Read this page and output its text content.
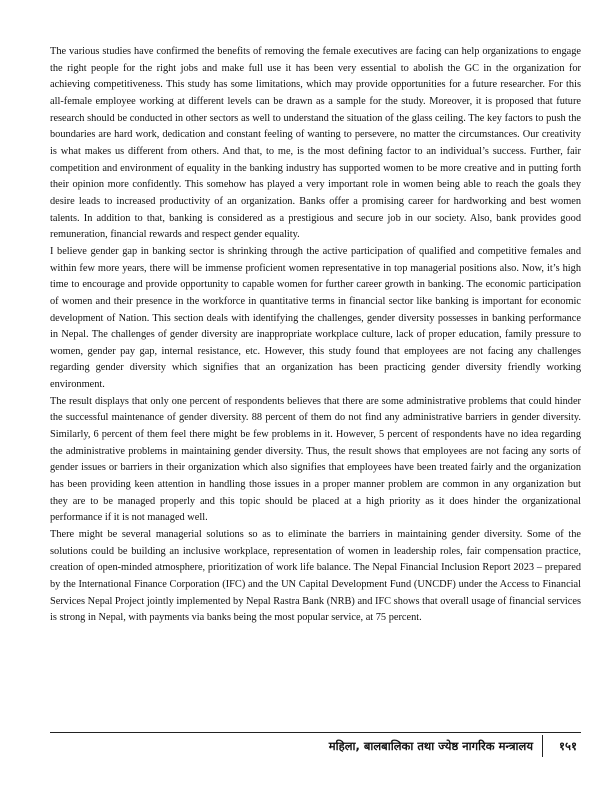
The various studies have confirmed the benefits of removing the female executives are facing can help organizations to engage the right people for the right jobs and make full use it has been very essential to abolish the GC in the organization for achieving competitiveness. This study has some limitations, which may provide opportunities for a future researcher. For this all-female employee working at different levels can be drawn as a sample for the study. Moreover, it is proposed that future research should be conducted in other sectors as well to understand the situation of the glass ceiling. The key factors to push the boundaries are hard work, dedication and constant feeling of wanting to persevere, no matter the circumstances. Our creativity is what makes us different from others. And that, to me, is the most defining factor to an individual’s success. Further, fair competition and environment of equality in the banking industry has supported women to be more creative and in putting forth their opinion more confidently. This somehow has played a very important role in women being able to reach the goals they desire leads to increased productivity of an organization. Banks offer a promising career for hardworking and best women talents. In addition to that, banking is considered as a prestigious and secure job in our society. Also, bank provides good remuneration, financial rewards and respect gender equality.

I believe gender gap in banking sector is shrinking through the active participation of qualified and competitive females and within few more years, there will be immense proficient women representative in top managerial positions also. Now, it’s high time to encourage and provide opportunity to capable women for further career growth in banking. The economic participation of women and their presence in the workforce in quantitative terms in financial sector like banking is important for economic development of Nation. This section deals with identifying the challenges, gender diversity possesses in banking performance in Nepal. The challenges of gender diversity are inappropriate workplace culture, lack of proper education, family pressure to women, gender pay gap, internal resistance, etc. However, this study found that employees are not facing any challenges regarding gender diversity which signifies that an organization has been practicing gender diversity friendly working environment.

The result displays that only one percent of respondents believes that there are some administrative problems that could hinder the successful maintenance of gender diversity. 88 percent of them do not find any administrative barriers in gender diversity. Similarly, 6 percent of them feel there might be few problems in it. However, 5 percent of respondents have no idea regarding the administrative problems in maintaining gender diversity. Thus, the result shows that employees are not facing any sorts of gender issues or barriers in their organization which also signifies that employees have been treated fairly and the organization has been providing keen attention in handling those issues in a proper manner problem are common in any organization but they are to be managed properly and this topic should be placed at a high priority as it does hinder the organizational performance if it is not managed well.

There might be several managerial solutions so as to eliminate the barriers in maintaining gender diversity. Some of the solutions could be building an inclusive workplace, representation of women in leadership roles, fair compensation practice, creation of open-minded atmosphere, prioritization of work life balance. The Nepal Financial Inclusion Report 2023 – prepared by the International Finance Corporation (IFC) and the UN Capital Development Fund (UNCDF) under the Access to Financial Services Nepal Project jointly implemented by Nepal Rastra Bank (NRB) and IFC shows that overall usage of financial services is strong in Nepal, with payments via banks being the most popular service, at 75 percent.

महिला, बालबालिका तथा ज्येष्ठ नागरिक मन्त्रालय १५१
